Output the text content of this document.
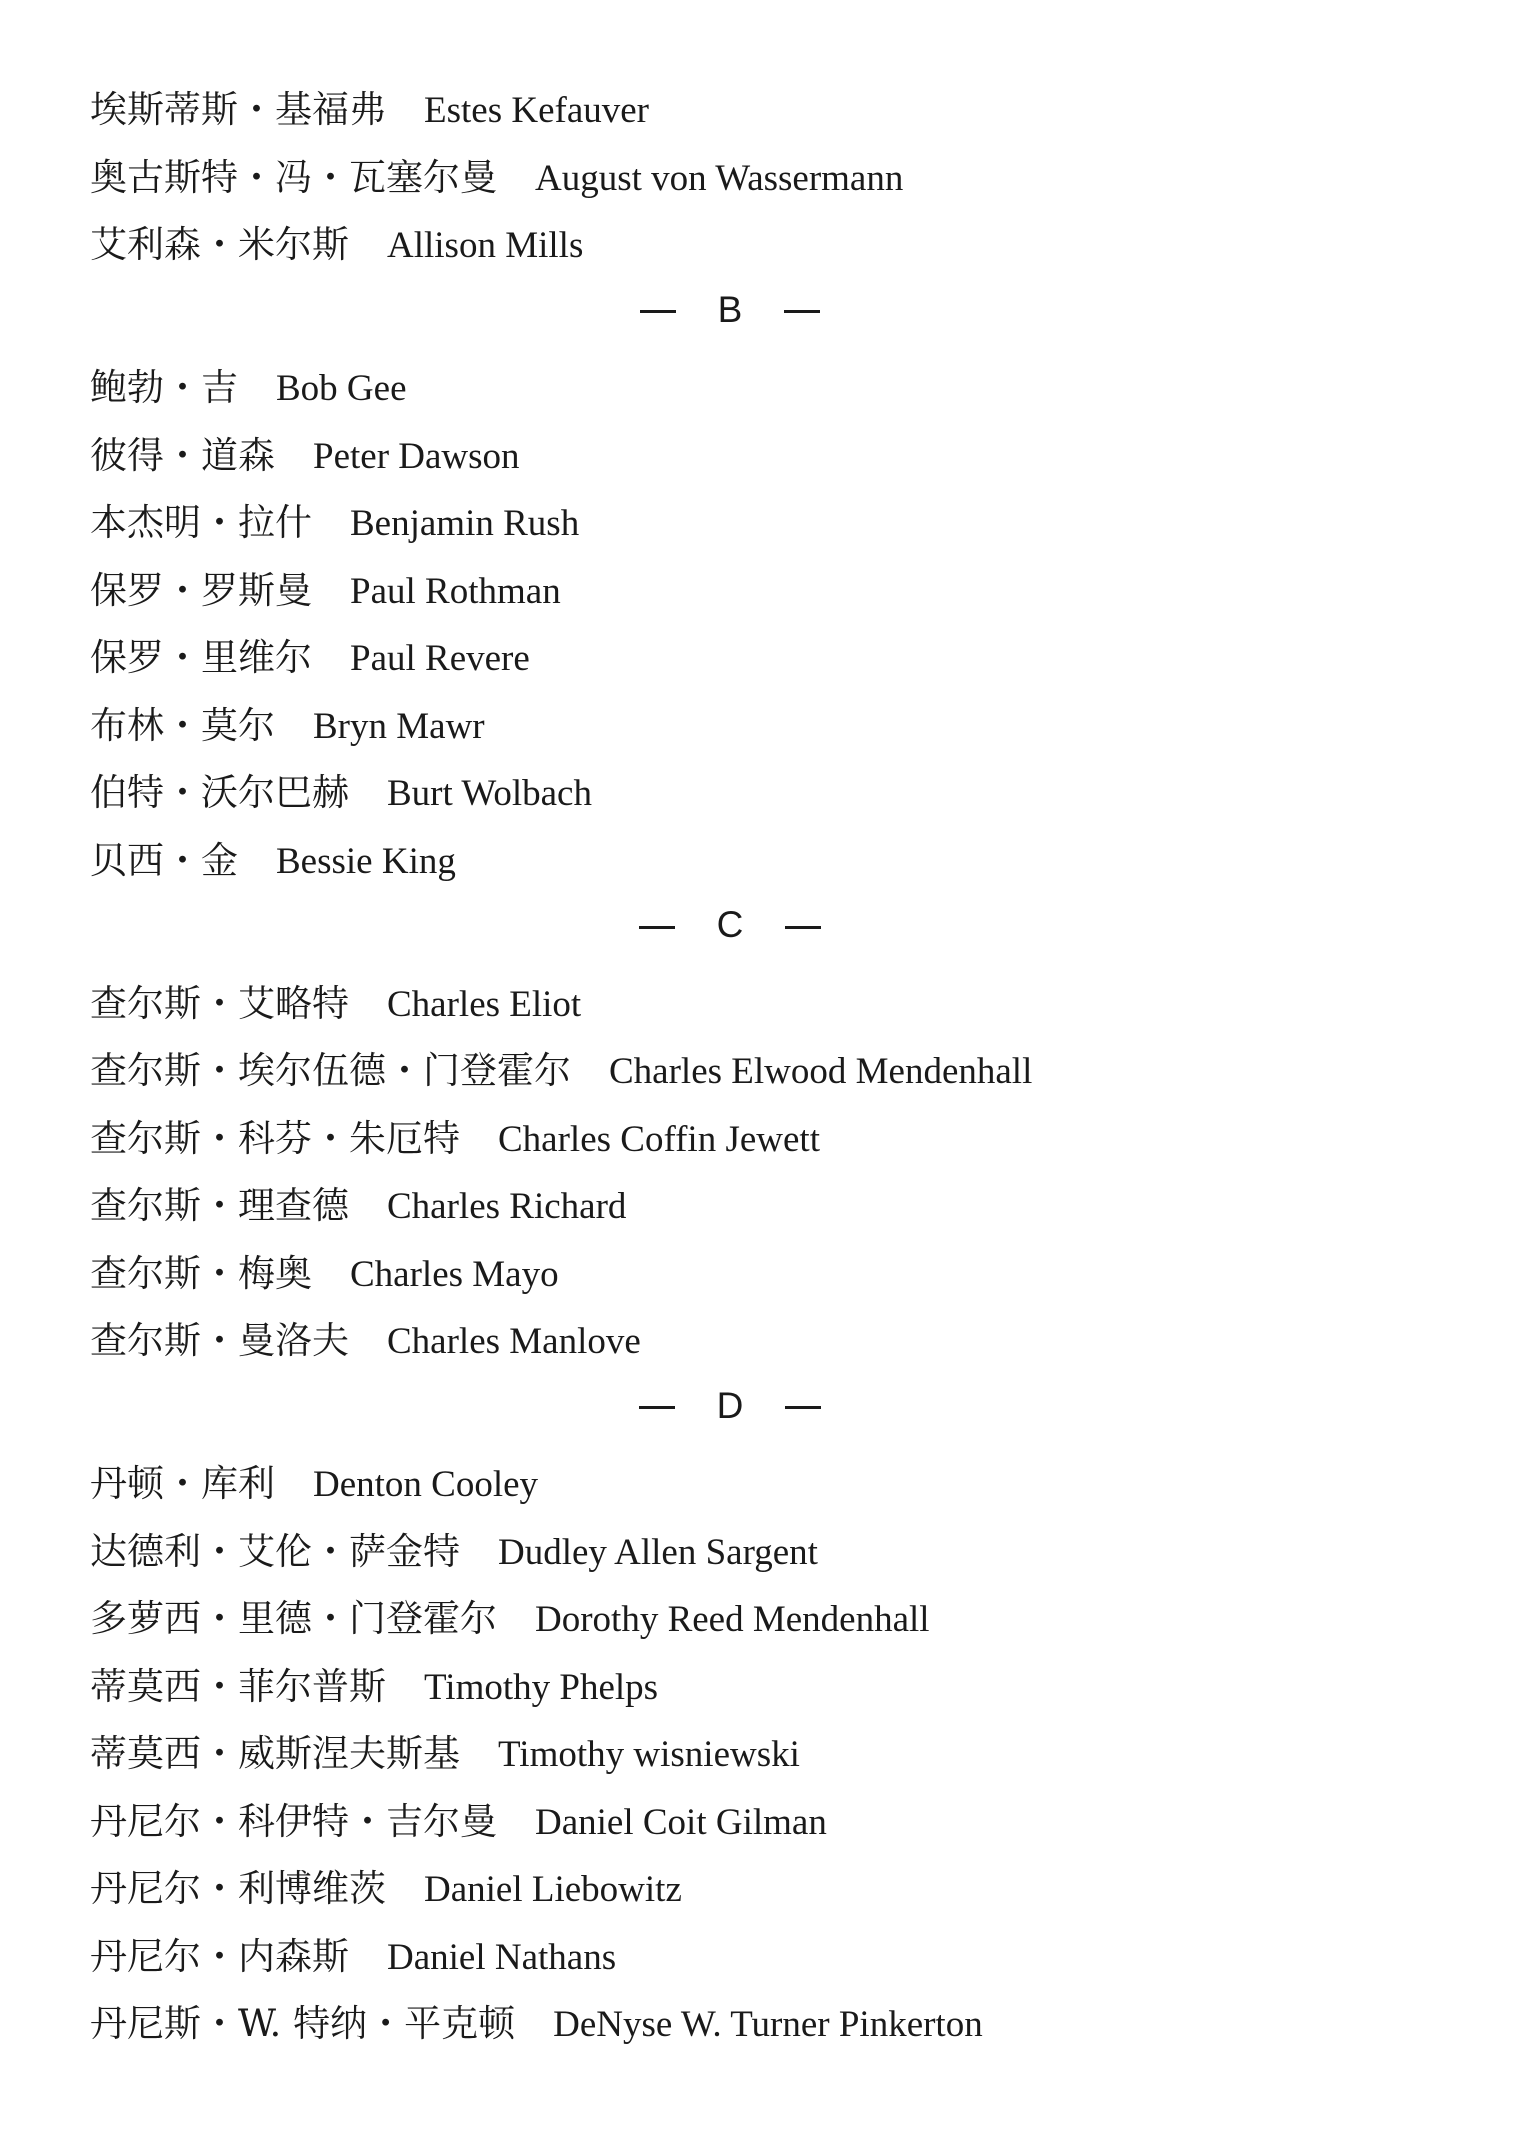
埃斯蒂斯・基福弗 Estes Kefauver
奥古斯特・冯・瓦塞尔曼 August von Wassermann
艾利森・米尔斯 Allison Mills
B
鲍勃・吉 Bob Gee
彼得・道森 Peter Dawson
本杰明・拉什 Benjamin Rush
保罗・罗斯曼 Paul Rothman
保罗・里维尔 Paul Revere
布林・莫尔 Bryn Mawr
伯特・沃尔巴赫 Burt Wolbach
贝西・金 Bessie King
C
查尔斯・艾略特 Charles Eliot
查尔斯・埃尔伍德・门登霍尔 Charles Elwood Mendenhall
查尔斯・科芬・朱厄特 Charles Coffin Jewett
查尔斯・理查德 Charles Richard
查尔斯・梅奥 Charles Mayo
查尔斯・曼洛夫 Charles Manlove
D
丹顿・库利 Denton Cooley
达德利・艾伦・萨金特 Dudley Allen Sargent
多萝西・里德・门登霍尔 Dorothy Reed Mendenhall
蒂莫西・菲尔普斯 Timothy Phelps
蒂莫西・威斯涅夫斯基 Timothy wisniewski
丹尼尔・科伊特・吉尔曼 Daniel Coit Gilman
丹尼尔・利博维茨 Daniel Liebowitz
丹尼尔・内森斯 Daniel Nathans
丹尼斯・W. 特纳・平克顿 DeNyse W. Turner Pinkerton
